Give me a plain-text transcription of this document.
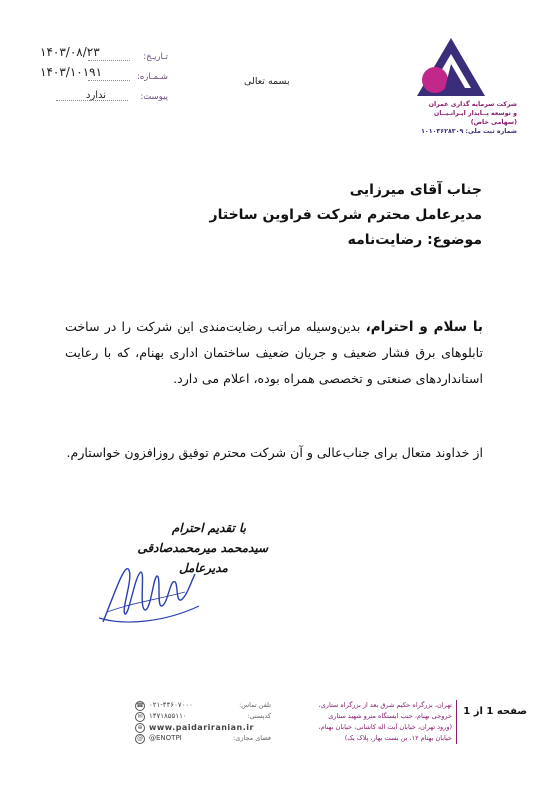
شرکت سرمایه گذاری عمران
و توسعه پــایدار ایـرانـیــان
(سهامی خاص)
شماره ثبت ملی: ۱۰۱۰۳۶۲۸۳۰۹
۱۴۰۳/۰۸/۲۳	تـاریـخ:
۱۴۰۳/۱۰۱۹۱	شـمـاره:
ندارد	پیوست:
بسمه تعالی
جناب آقای میرزایی
مدیرعامل محترم شرکت فراوین ساختار
موضوع: رضایت‌نامه
با سلام و احترام، بدین‌وسیله مراتب رضایت‌مندی این شرکت را در ساخت تابلوهای برق فشار ضعیف و جریان ضعیف ساختمان اداری بهنام، که با رعایت استانداردهای صنعتی و تخصصی همراه بوده، اعلام می دارد.
از خداوند متعال برای جناب‌عالی و آن شرکت محترم توفیق روزافزون خواستارم.
با تقدیم احترام
سیدمحمد میرمحمدصادقی
مدیرعامل
صفحه 1 از 1
تهران، بزرگراه حکیم شرق بعد از بزرگراه ستاری،
خروجی بهنام، جنب ایستگاه مترو شهید ستاری
(ورود تهران، خیابان آیت اله کاشانی، خیابان بهنام،
خیابان بهنام ۱۲، بن بست بهار، پلاک یک)
☎ ۰۲۱-۴۴۶۰۷۰۰۰	تلفن تماس:
✉ ۱۴۷۱۸۵۵۱۱۰	کدپستی:
⊕ www.paidariranian.ir
@ @ENOTPI	فضای مجازی:
